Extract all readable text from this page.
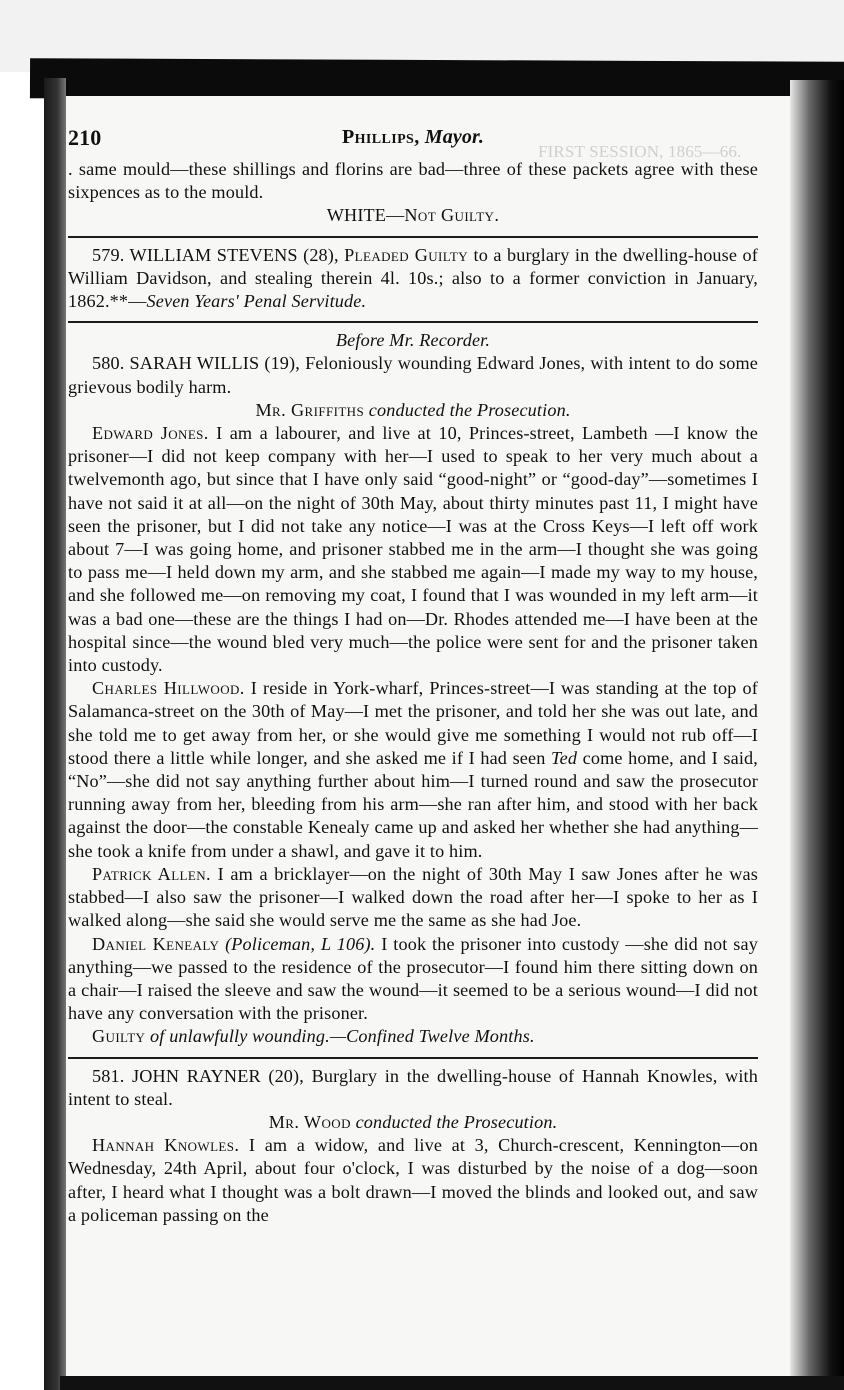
210	Phillips, Mayor.
FIRST SESSION, 1865—66.

. same mould—these shillings and florins are bad—three of these packets agree with these sixpences as to the mould.

WHITE—Not Guilty.

579. WILLIAM STEVENS (28), Pleaded Guilty to a burglary in the dwelling-house of William Davidson, and stealing therein 4l. 10s.; also to a former conviction in January, 1862.**—Seven Years' Penal Servitude.

Before Mr. Recorder.

580. SARAH WILLIS (19), Feloniously wounding Edward Jones, with intent to do some grievous bodily harm.

Mr. Griffiths conducted the Prosecution.

Edward Jones. I am a labourer, and live at 10, Princes-street, Lambeth —I know the prisoner—I did not keep company with her—I used to speak to her very much about a twelvemonth ago, but since that I have only said “good-night” or “good-day”—sometimes I have not said it at all—on the night of 30th May, about thirty minutes past 11, I might have seen the prisoner, but I did not take any notice—I was at the Cross Keys—I left off work about 7—I was going home, and prisoner stabbed me in the arm—I thought she was going to pass me—I held down my arm, and she stabbed me again—I made my way to my house, and she followed me—on removing my coat, I found that I was wounded in my left arm—it was a bad one—these are the things I had on—Dr. Rhodes attended me—I have been at the hospital since—the wound bled very much—the police were sent for and the prisoner taken into custody.

Charles Hillwood. I reside in York-wharf, Princes-street—I was standing at the top of Salamanca-street on the 30th of May—I met the prisoner, and told her she was out late, and she told me to get away from her, or she would give me something I would not rub off—I stood there a little while longer, and she asked me if I had seen Ted come home, and I said, “No”—she did not say anything further about him—I turned round and saw the prosecutor running away from her, bleeding from his arm—she ran after him, and stood with her back against the door—the constable Kenealy came up and asked her whether she had anything—she took a knife from under a shawl, and gave it to him.

Patrick Allen. I am a bricklayer—on the night of 30th May I saw Jones after he was stabbed—I also saw the prisoner—I walked down the road after her—I spoke to her as I walked along—she said she would serve me the same as she had Joe.

Daniel Kenealy (Policeman, L 106). I took the prisoner into custody —she did not say anything—we passed to the residence of the prosecutor—I found him there sitting down on a chair—I raised the sleeve and saw the wound—it seemed to be a serious wound—I did not have any conversation with the prisoner.

Guilty of unlawfully wounding.—Confined Twelve Months.

581. JOHN RAYNER (20), Burglary in the dwelling-house of Hannah Knowles, with intent to steal.

Mr. Wood conducted the Prosecution.

Hannah Knowles. I am a widow, and live at 3, Church-crescent, Kennington—on Wednesday, 24th April, about four o'clock, I was disturbed by the noise of a dog—soon after, I heard what I thought was a bolt drawn—I moved the blinds and looked out, and saw a policeman passing on the
